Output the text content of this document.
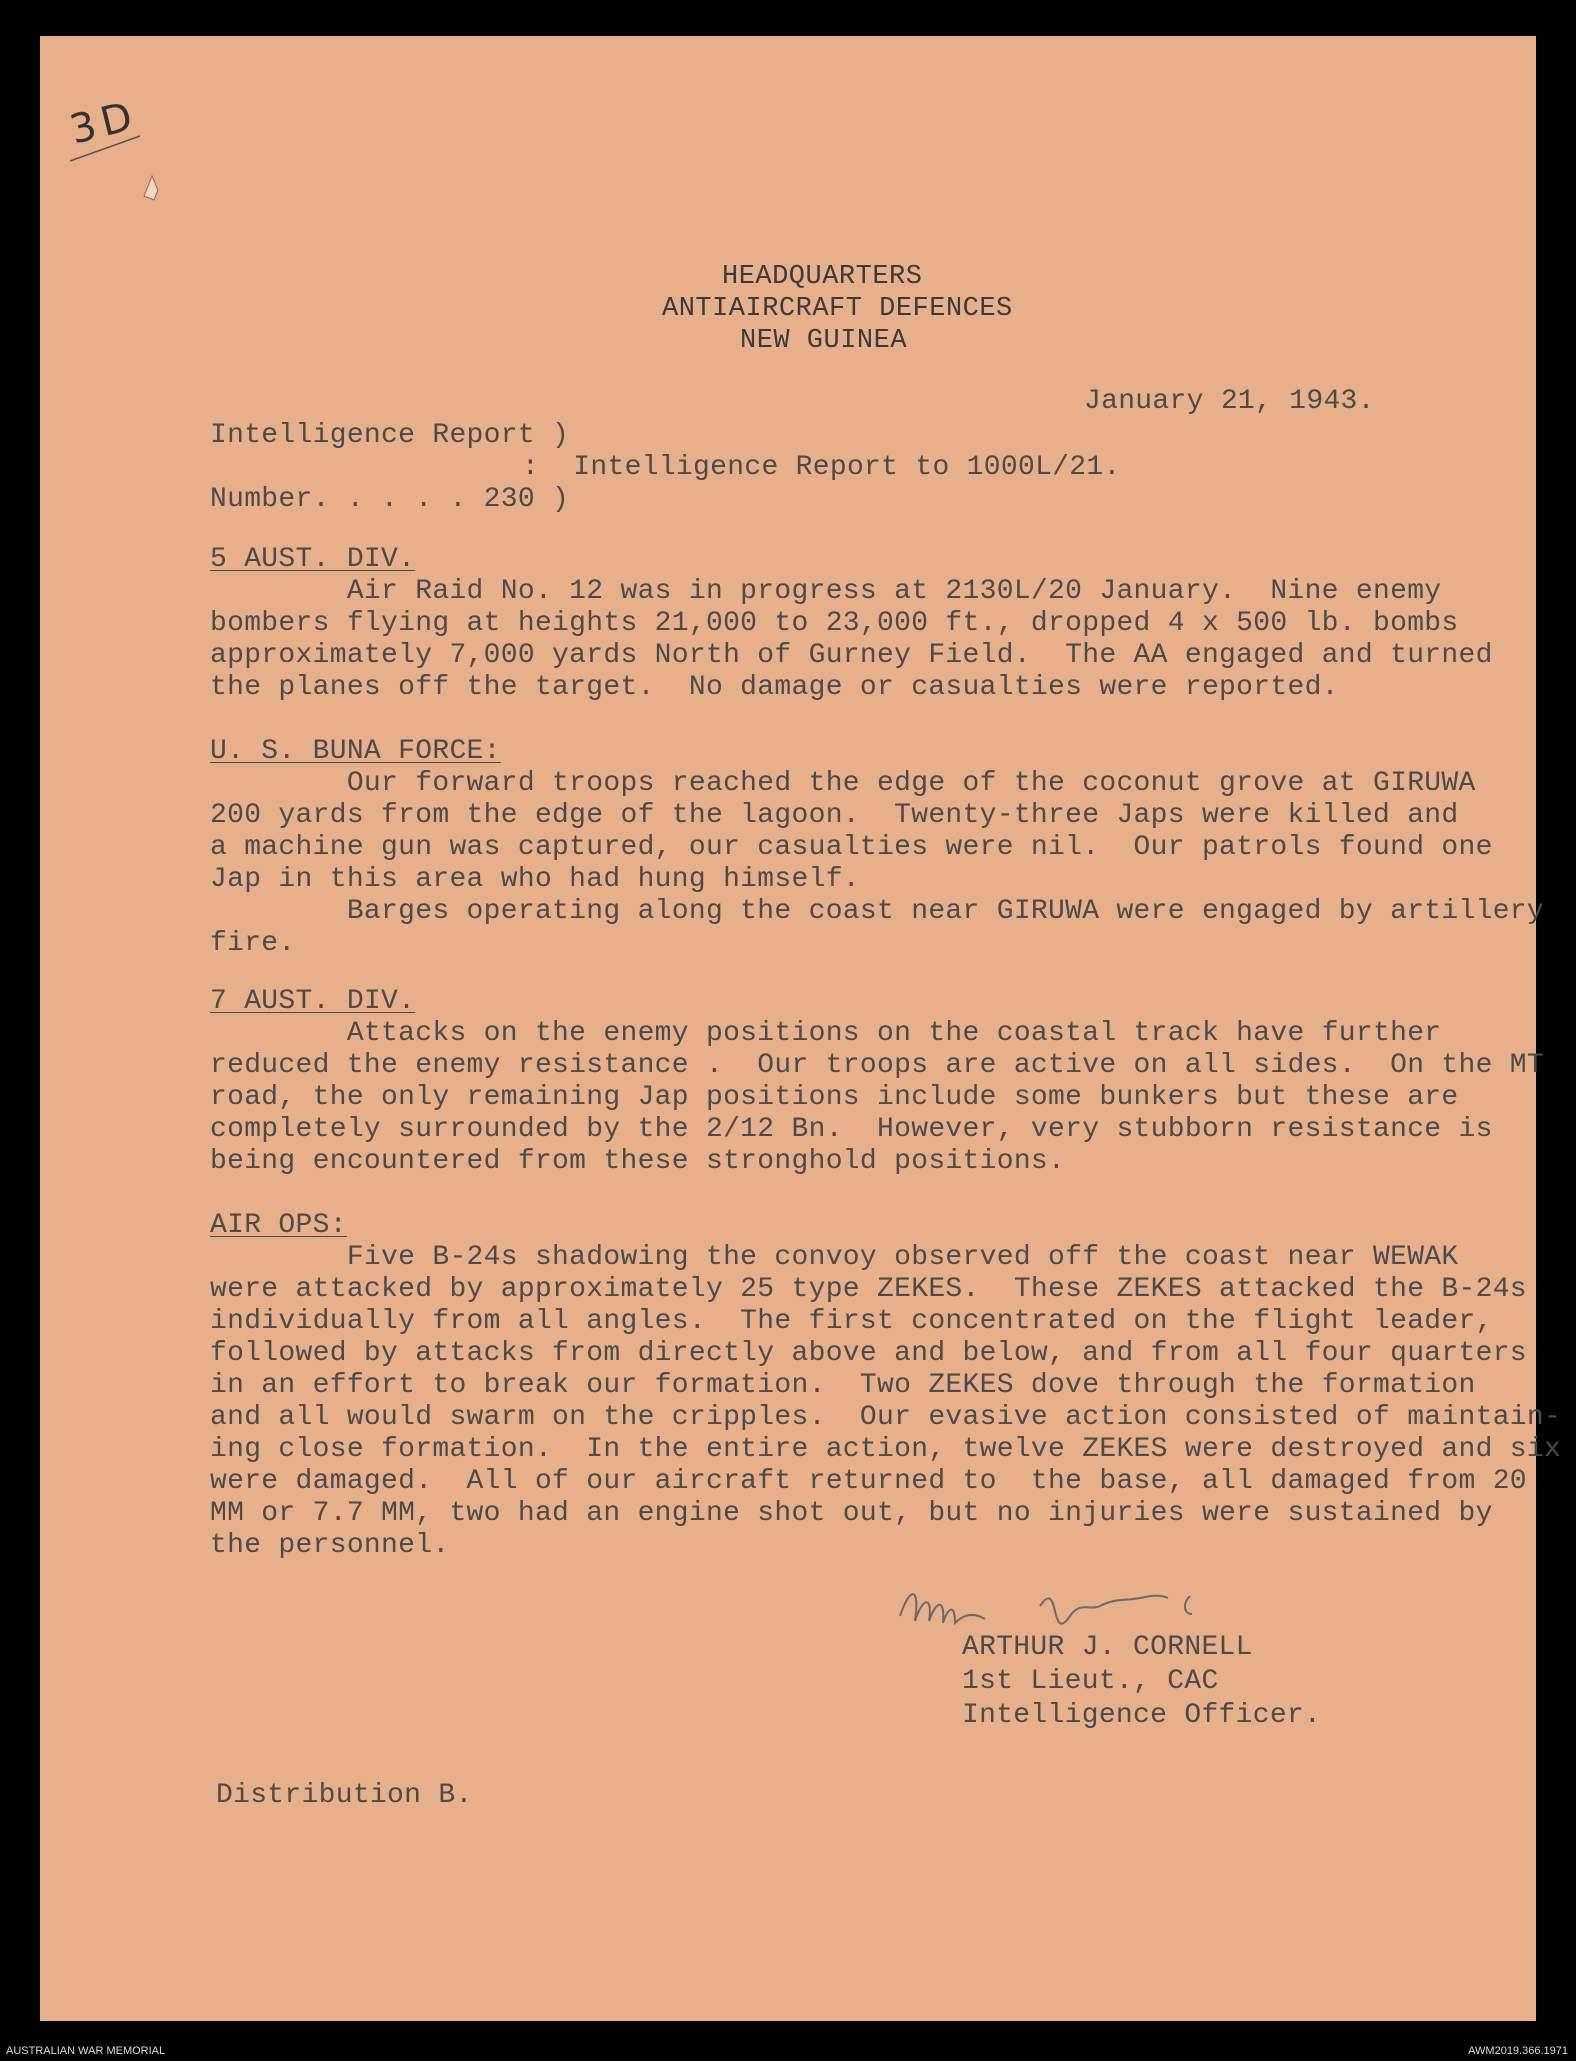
3D
HEADQUARTERS
ANTIAIRCRAFT DEFENCES
NEW GUINEA
January 21, 1943.
Intelligence Report )
:  Intelligence Report to 1000L/21.
Number. . . . . 230 )
5 AUST. DIV.
Air Raid No. 12 was in progress at 2130L/20 January.  Nine enemy
bombers flying at heights 21,000 to 23,000 ft., dropped 4 x 500 lb. bombs
approximately 7,000 yards North of Gurney Field.  The AA engaged and turned
the planes off the target.  No damage or casualties were reported.
U. S. BUNA FORCE:
Our forward troops reached the edge of the coconut grove at GIRUWA
200 yards from the edge of the lagoon.  Twenty-three Japs were killed and
a machine gun was captured, our casualties were nil.  Our patrols found one
Jap in this area who had hung himself.
Barges operating along the coast near GIRUWA were engaged by artillery
fire.
7 AUST. DIV.
Attacks on the enemy positions on the coastal track have further
reduced the enemy resistance .  Our troops are active on all sides.  On the MT
road, the only remaining Jap positions include some bunkers but these are
completely surrounded by the 2/12 Bn.  However, very stubborn resistance is
being encountered from these stronghold positions.
AIR OPS:
Five B-24s shadowing the convoy observed off the coast near WEWAK
were attacked by approximately 25 type ZEKES.  These ZEKES attacked the B-24s
individually from all angles.  The first concentrated on the flight leader,
followed by attacks from directly above and below, and from all four quarters
in an effort to break our formation.  Two ZEKES dove through the formation
and all would swarm on the cripples.  Our evasive action consisted of maintain-
ing close formation.  In the entire action, twelve ZEKES were destroyed and six
were damaged.  All of our aircraft returned to  the base, all damaged from 20
MM or 7.7 MM, two had an engine shot out, but no injuries were sustained by
the personnel.
ARTHUR J. CORNELL
1st Lieut., CAC
Intelligence Officer.
Distribution B.
AUSTRALIAN WAR MEMORIAL	AWM2019.366.1971
